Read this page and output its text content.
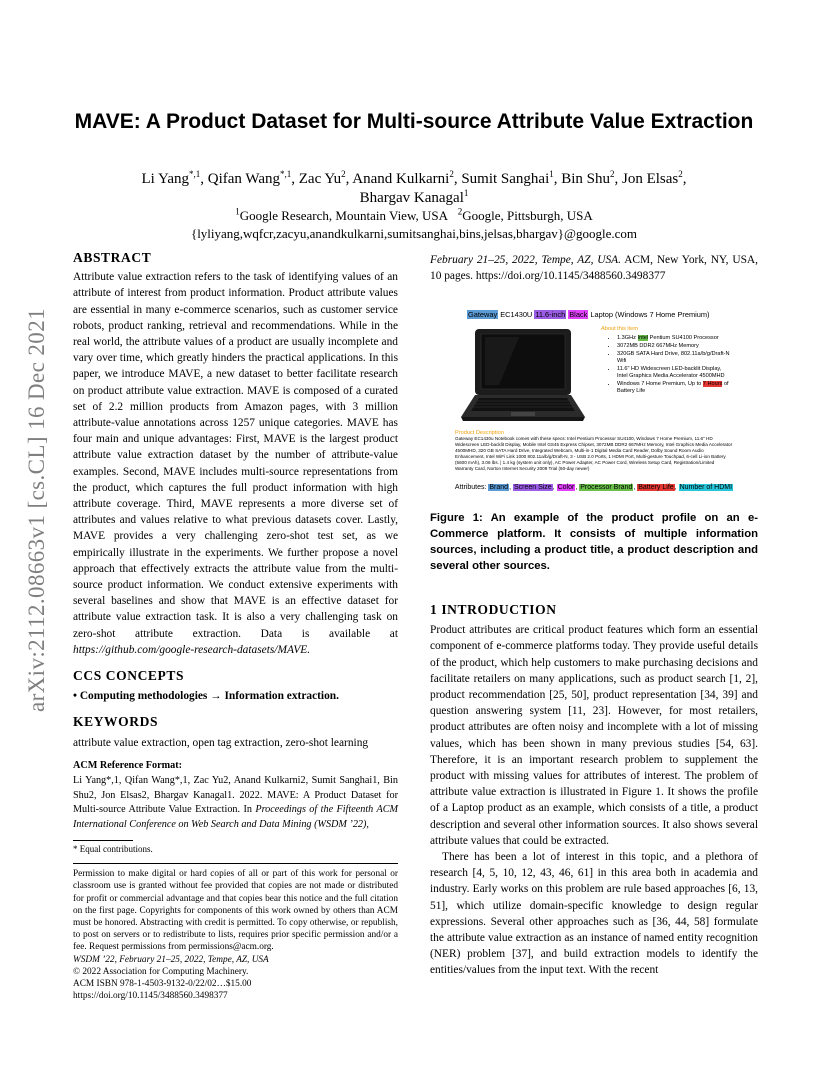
arXiv:2112.08663v1 [cs.CL] 16 Dec 2021
MAVE: A Product Dataset for Multi-source Attribute Value Extraction
Li Yang$^{*,1}$, Qifan Wang$^{*,1}$, Zac Yu$^2$, Anand Kulkarni$^2$, Sumit Sanghai$^1$, Bin Shu$^2$, Jon Elsas$^2$,
Bhargav Kanagal$^1$
$^1$Google Research, Mountain View, USA   $^2$Google, Pittsburgh, USA
{lyliyang,wqfcr,zacyu,anandkulkarni,sumitsanghai,bins,jelsas,bhargav}@google.com
ABSTRACT

Attribute value extraction refers to the task of identifying values of an attribute of interest from product information. Product attribute values are essential in many e-commerce scenarios, such as customer service robots, product ranking, retrieval and recommendations. While in the real world, the attribute values of a product are usually incomplete and vary over time, which greatly hinders the practical applications. In this paper, we introduce MAVE, a new dataset to better facilitate research on product attribute value extraction. MAVE is composed of a curated set of 2.2 million products from Amazon pages, with 3 million attribute-value annotations across 1257 unique categories. MAVE has four main and unique advantages: First, MAVE is the largest product attribute value extraction dataset by the number of attribute-value examples. Second, MAVE includes multi-source representations from the product, which captures the full product information with high attribute coverage. Third, MAVE represents a more diverse set of attributes and values relative to what previous datasets cover. Lastly, MAVE provides a very challenging zero-shot test set, as we empirically illustrate in the experiments. We further propose a novel approach that effectively extracts the attribute value from the multi-source product information. We conduct extensive experiments with several baselines and show that MAVE is an effective dataset for attribute value extraction task. It is also a very challenging task on zero-shot attribute extraction. Data is available at https://github.com/google-research-datasets/MAVE.

CCS CONCEPTS

• Computing methodologies → Information extraction.

KEYWORDS

attribute value extraction, open tag extraction, zero-shot learning

ACM Reference Format:

Li Yang*,1, Qifan Wang*,1, Zac Yu2, Anand Kulkarni2, Sumit Sanghai1, Bin Shu2, Jon Elsas2, Bhargav Kanagal1. 2022. MAVE: A Product Dataset for Multi-source Attribute Value Extraction. In Proceedings of the Fifteenth ACM International Conference on Web Search and Data Mining (WSDM ’22),

* Equal contributions.

Permission to make digital or hard copies of all or part of this work for personal or classroom use is granted without fee provided that copies are not made or distributed for profit or commercial advantage and that copies bear this notice and the full citation on the first page. Copyrights for components of this work owned by others than ACM must be honored. Abstracting with credit is permitted. To copy otherwise, or republish, to post on servers or to redistribute to lists, requires prior specific permission and/or a fee. Request permissions from permissions@acm.org.

WSDM ’22, February 21–25, 2022, Tempe, AZ, USA

© 2022 Association for Computing Machinery.

ACM ISBN 978-1-4503-9132-0/22/02…$15.00

https://doi.org/10.1145/3488560.3498377

February 21–25, 2022, Tempe, AZ, USA. ACM, New York, NY, USA, 10 pages. https://doi.org/10.1145/3488560.3498377

Figure 1: An example of the product profile on an e-Commerce platform. It consists of multiple information sources, including a product title, a product description and several other sources.
1 INTRODUCTION

Product attributes are critical product features which form an essential component of e-commerce platforms today. They provide useful details of the product, which help customers to make purchasing decisions and facilitate retailers on many applications, such as product search [1, 2], product recommendation [25, 50], product representation [34, 39] and question answering system [11, 23]. However, for most retailers, product attributes are often noisy and incomplete with a lot of missing values, which has been shown in many previous studies [54, 63]. Therefore, it is an important research problem to supplement the product with missing values for attributes of interest. The problem of attribute value extraction is illustrated in Figure 1. It shows the profile of a Laptop product as an example, which consists of a title, a product description and several other information sources. It also shows several attribute values that could be extracted.

There has been a lot of interest in this topic, and a plethora of research [4, 5, 10, 12, 43, 46, 61] in this area both in academia and industry. Early works on this problem are rule based approaches [6, 13, 51], which utilize domain-specific knowledge to design regular expressions. Several other approaches such as [36, 44, 58] formulate the attribute value extraction as an instance of named entity recognition (NER) problem [37], and build extraction models to identify the entities/values from the input text. With the recent

Gateway EC1430U 11.6-inch Black Laptop (Windows 7 Home Premium)
About this item
• 1.3GHz Intel Pentium SU4100 Processor
• 3072MB DDR2 667MHz Memory
• 320GB SATA Hard Drive, 802.11a/b/g/Draft-N Wifi
• 11.6" HD Widescreen LED-backlit Display, Intel Graphics Media Accelerator 4500MHD
• Windows 7 Home Premium, Up to 7 Hours of Battery Life
Product Description
Gateway EC1430u Notebook comes with these specs: Intel Pentium Processor SU4100, Windows 7 Home Premium, 11.6" HD Widescreen LED-backlit Display, Mobile Intel GS45 Express Chipset, 3072MB DDR2 667MHz Memory, Intel Graphics Media Accelerator 4500MHD, 320 GB SATA Hard Drive, Integrated Webcam, Multi-in-1 Digital Media Card Reader, Dolby Sound Room Audio Enhancement, Intel WiFi Link 1000 802.11a/b/g/Draft-N, 3 - USB 2.0 Ports, 1 HDMI Port, Multi-gesture Touchpad, 6-cell Li-ion Battery (5600 mAh), 3.06 lbs. | 1.4 kg (system unit only), AC Power Adapter, AC Power Cord, Wireless Setup Card, Registration/Limited Warranty Card, Norton Internet Security 2009 Trial (60-day newer)
Attributes: Brand, Screen Size, Color, Processor Brand, Battery Life, Number of HDMI
